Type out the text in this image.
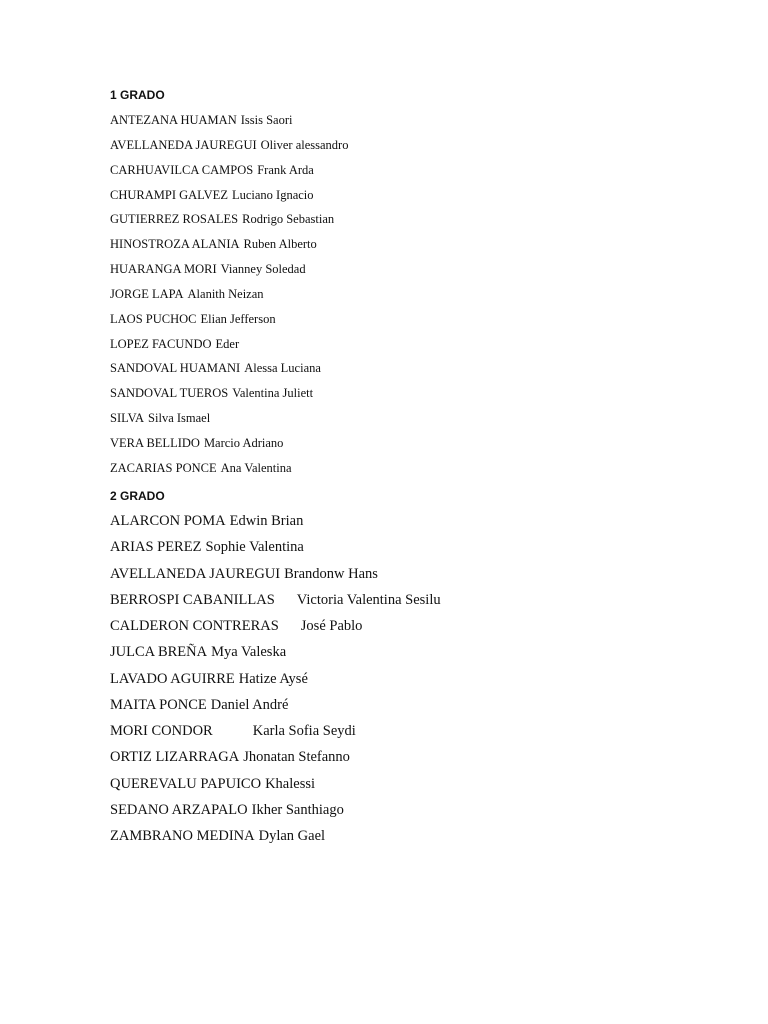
1 GRADO
ANTEZANA HUAMAN Issis Saori
AVELLANEDA JAUREGUI Oliver alessandro
CARHUAVILCA CAMPOS Frank Arda
CHURAMPI GALVEZ Luciano Ignacio
GUTIERREZ ROSALES Rodrigo Sebastian
HINOSTROZA ALANIA Ruben Alberto
HUARANGA MORI Vianney Soledad
JORGE LAPA Alanith Neizan
LAOS PUCHOC Elian Jefferson
LOPEZ FACUNDO Eder
SANDOVAL HUAMANI Alessa Luciana
SANDOVAL TUEROS Valentina Juliett
SILVA Silva Ismael
VERA BELLIDO Marcio Adriano
ZACARIAS PONCE Ana Valentina
2 GRADO
ALARCON POMA Edwin Brian
ARIAS PEREZ Sophie Valentina
AVELLANEDA JAUREGUI Brandonw Hans
BERROSPI CABANILLAS Victoria Valentina Sesilu
CALDERON CONTRERAS José Pablo
JULCA BREÑA Mya Valeska
LAVADO AGUIRRE Hatize Aysé
MAITA PONCE Daniel André
MORI CONDOR	Karla Sofia Seydi
ORTIZ LIZARRAGA Jhonatan Stefanno
QUEREVALU PAPUICO Khalessi
SEDANO ARZAPALO Ikher Santhiago
ZAMBRANO MEDINA Dylan Gael
